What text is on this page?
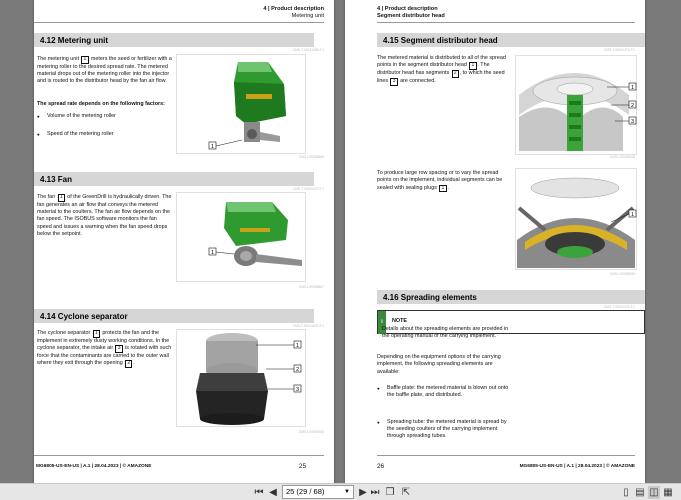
4 | Product description
Metering unit
4.12 Metering unit
CMS-T-00011468-F.1
The metering unit 1 meters the seed or fertilizer with a metering roller to the desired spread rate. The metered material drops out of the metering roller into the injector and is routed to the distributor head by the fan air flow.
The spread rate depends on the following factors:
● Volume of the metering roller
● Speed of the metering roller
1
CMS-I-00008586
4.13 Fan
CMS-T-00011472-F.1
The fan 1 of the GreenDrill is hydraulically driven. The fan generates an air flow that conveys the metered material to the coulters. The fan air flow depends on the fan speed. The ISOBUS software monitors the fan speed and issues a warning when the fan speed drops below the setpoint.
1
CMS-I-00008587
4.14 Cyclone separator
CMS-T-00012623-F.1
The cyclone separator 1 protects the fan and the implement in extremely dusty working conditions. In the cyclone separator, the intake air 3 is rotated with such force that the contaminants are carried to the outer wall where they exit through the opening 2 .
1
2
3
CMS-I-00008760
MG6805-US-EN-US | A.1 | 28.04.2023 | © AMAZONE	25
4 | Product description
Segment distributor head
4.15 Segment distributor head
CMS-T-00011473-F.1
The metered material is distributed to all of the spread points in the segment distributor head 1 . The distributor head has segments 2 , to which the seed lines 3 are connected.
1
2
3
CMS-I-00008155
To produce large row spacing or to vary the spread points on the implement, individual segments can be sealed with sealing plugs 1 .
1
CMS-I-00008156
4.16 Spreading elements
CMS-T-00011474-F.1
i	NOTE
Details about the spreading elements are provided in the operating manual of the carrying implement.
Depending on the equipment options of the carrying implement, the following spreading elements are available:
● Baffle plate: the metered material is blown out onto the baffle plate, and distributed.
● Spreading tube: the metered material is spread by the seeding coulters of the carrying implement through spreading tubes.
MG6805-US-EN-US | A.1 | 28.04.2023 | © AMAZONE
26
⏮ ◀	25 (29 / 68)	▼ ▶ ⏭ ❐ ⇱	▯ ▤ ◫ ▦
